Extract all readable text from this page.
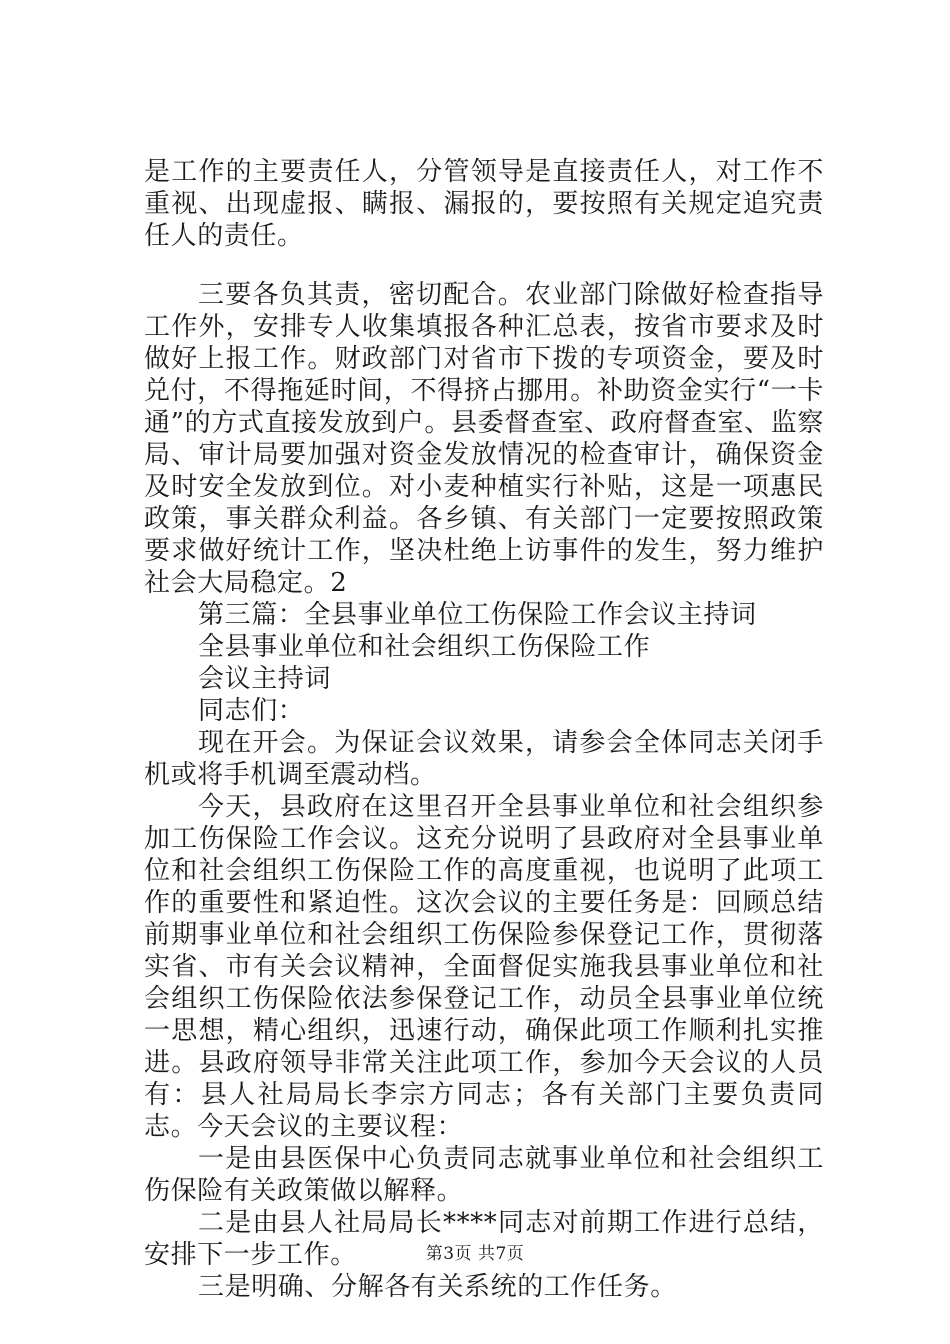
是工作的主要责任人，分管领导是直接责任人，对工作不重视、出现虚报、瞒报、漏报的，要按照有关规定追究责任人的责任。

三要各负其责，密切配合。农业部门除做好检查指导工作外，安排专人收集填报各种汇总表，按省市要求及时做好上报工作。财政部门对省市下拨的专项资金，要及时兑付，不得拖延时间，不得挤占挪用。补助资金实行“一卡通”的方式直接发放到户。县委督查室、政府督查室、监察局、审计局要加强对资金发放情况的检查审计，确保资金及时安全发放到位。对小麦种植实行补贴，这是一项惠民政策，事关群众利益。各乡镇、有关部门一定要按照政策要求做好统计工作，坚决杜绝上访事件的发生，努力维护社会大局稳定。2

第三篇：全县事业单位工伤保险工作会议主持词

全县事业单位和社会组织工伤保险工作

会议主持词

同志们：

现在开会。为保证会议效果，请参会全体同志关闭手机或将手机调至震动档。

今天，县政府在这里召开全县事业单位和社会组织参加工伤保险工作会议。这充分说明了县政府对全县事业单位和社会组织工伤保险工作的高度重视，也说明了此项工作的重要性和紧迫性。这次会议的主要任务是：回顾总结前期事业单位和社会组织工伤保险参保登记工作，贯彻落实省、市有关会议精神，全面督促实施我县事业单位和社会组织工伤保险依法参保登记工作，动员全县事业单位统一思想，精心组织，迅速行动，确保此项工作顺利扎实推进。县政府领导非常关注此项工作，参加今天会议的人员有：县人社局局长李宗方同志；各有关部门主要负责同志。今天会议的主要议程：

一是由县医保中心负责同志就事业单位和社会组织工伤保险有关政策做以解释。

二是由县人社局局长****同志对前期工作进行总结，安排下一步工作。

三是明确、分解各有关系统的工作任务。

第3页 共7页
